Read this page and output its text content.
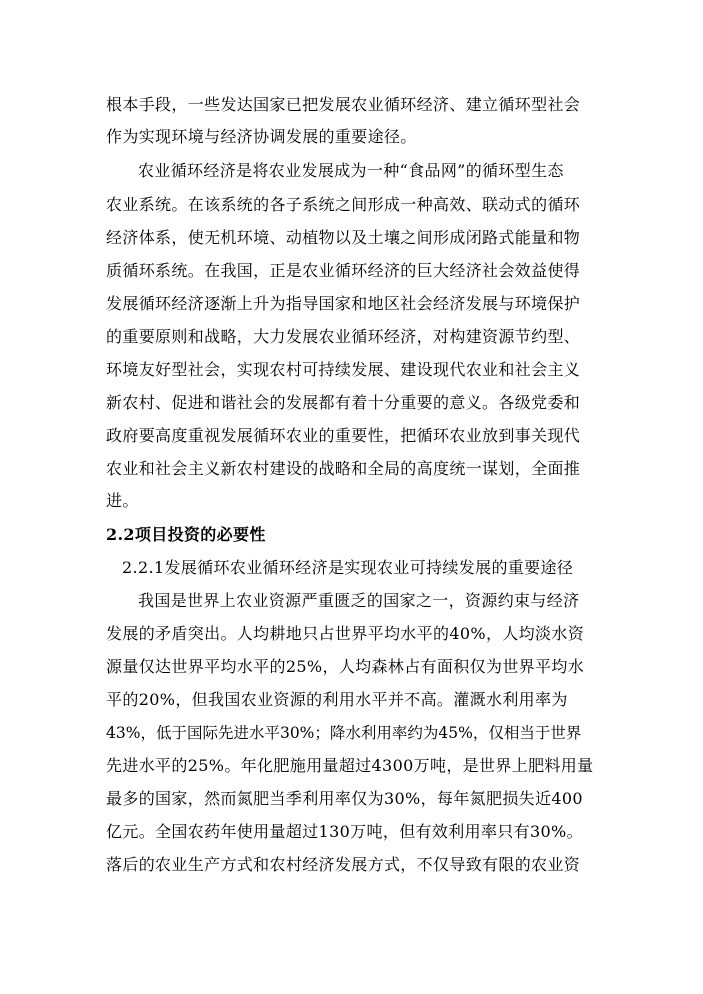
根本手段，一些发达国家已把发展农业循环经济、建立循环型社会
作为实现环境与经济协调发展的重要途径。
农业循环经济是将农业发展成为一种“食品网”的循环型生态
农业系统。在该系统的各子系统之间形成一种高效、联动式的循环
经济体系，使无机环境、动植物以及土壤之间形成闭路式能量和物
质循环系统。在我国，正是农业循环经济的巨大经济社会效益使得
发展循环经济逐渐上升为指导国家和地区社会经济发展与环境保护
的重要原则和战略，大力发展农业循环经济，对构建资源节约型、
环境友好型社会，实现农村可持续发展、建设现代农业和社会主义
新农村、促进和谐社会的发展都有着十分重要的意义。各级党委和
政府要高度重视发展循环农业的重要性，把循环农业放到事关现代
农业和社会主义新农村建设的战略和全局的高度统一谋划，全面推
进。
2.2项目投资的必要性
2.2.1发展循环农业循环经济是实现农业可持续发展的重要途径
我国是世界上农业资源严重匮乏的国家之一，资源约束与经济
发展的矛盾突出。人均耕地只占世界平均水平的40%，人均淡水资
源量仅达世界平均水平的25%，人均森林占有面积仅为世界平均水
平的20%，但我国农业资源的利用水平并不高。灌溉水利用率为
43%，低于国际先进水平30%；降水利用率约为45%，仅相当于世界
先进水平的25%。年化肥施用量超过4300万吨，是世界上肥料用量
最多的国家，然而氮肥当季利用率仅为30%，每年氮肥损失近400
亿元。全国农药年使用量超过130万吨，但有效利用率只有30%。
落后的农业生产方式和农村经济发展方式，不仅导致有限的农业资
